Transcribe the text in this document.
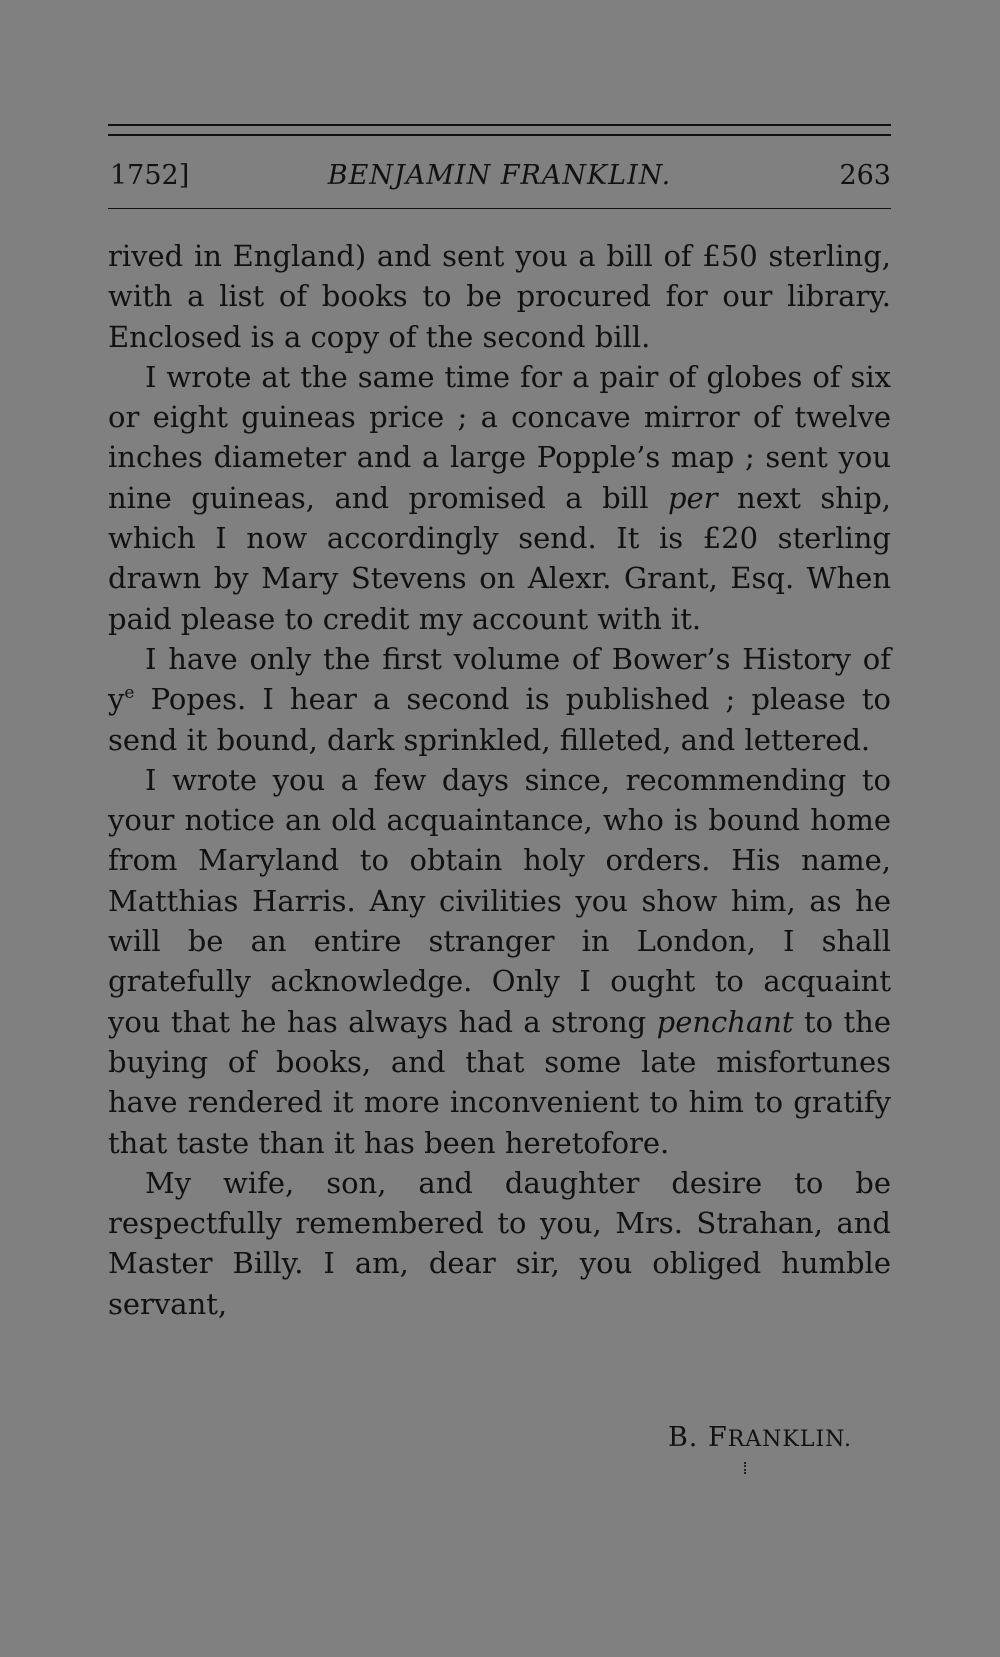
1752]	BENJAMIN FRANKLIN.	263

rived in England) and sent you a bill of £50 sterling, with a list of books to be procured for our library. Enclosed is a copy of the second bill.

I wrote at the same time for a pair of globes of six or eight guineas price ; a concave mirror of twelve inches diameter and a large Popple’s map ; sent you nine guineas, and promised a bill per next ship, which I now accordingly send. It is £20 sterling drawn by Mary Stevens on Alexr. Grant, Esq. When paid please to credit my account with it.

I have only the first volume of Bower’s History of $y^e$ Popes. I hear a second is published ; please to send it bound, dark sprinkled, filleted, and lettered.

I wrote you a few days since, recommending to your notice an old acquaintance, who is bound home from Maryland to obtain holy orders. His name, Matthias Harris. Any civilities you show him, as he will be an entire stranger in London, I shall gratefully acknowledge. Only I ought to acquaint you that he has always had a strong penchant to the buying of books, and that some late misfortunes have rendered it more inconvenient to him to gratify that taste than it has been heretofore.

My wife, son, and daughter desire to be respectfully remembered to you, Mrs. Strahan, and Master Billy. I am, dear sir, you obliged humble servant,

B. FRANKLIN.
